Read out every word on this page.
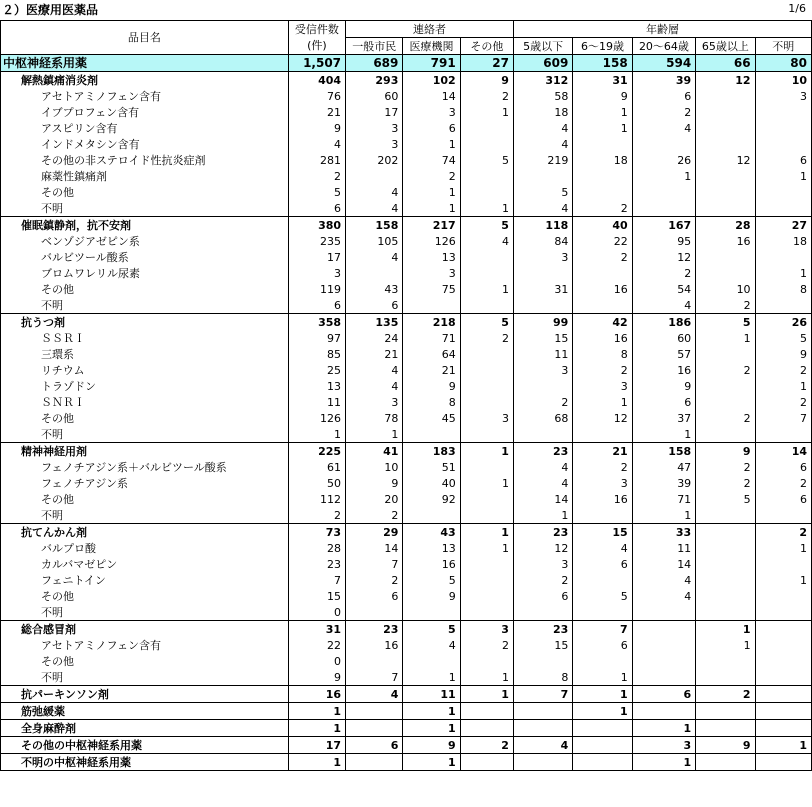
２）医療用医薬品	1/6
品目名	受信件数	連絡者			年齢層				
	(件)	一般市民	医療機関	その他	5歳以下	6～19歳	20～64歳	65歳以上	不明
中枢神経系用薬	1,507	689	791	27	609	158	594	66	80
解熱鎮痛消炎剤	404	293	102	9	312	31	39	12	10
アセトアミノフェン含有	76	60	14	2	58	9	6		3
イブプロフェン含有	21	17	3	1	18	1	2		
アスピリン含有	9	3	6		4	1	4		
インドメタシン含有	4	3	1		4				
その他の非ステロイド性抗炎症剤	281	202	74	5	219	18	26	12	6
麻薬性鎮痛剤	2		2				1		1
その他	5	4	1		5				
不明	6	4	1	1	4	2			
催眠鎮静剤，抗不安剤	380	158	217	5	118	40	167	28	27
ベンゾジアゼピン系	235	105	126	4	84	22	95	16	18
バルビツール酸系	17	4	13		3	2	12		
ブロムワレリル尿素	3		3				2		1
その他	119	43	75	1	31	16	54	10	8
不明	6	6					4	2	
抗うつ剤	358	135	218	5	99	42	186	5	26
ＳＳＲＩ	97	24	71	2	15	16	60	1	5
三環系	85	21	64		11	8	57		9
リチウム	25	4	21		3	2	16	2	2
トラゾドン	13	4	9			3	9		1
ＳＮＲＩ	11	3	8		2	1	6		2
その他	126	78	45	3	68	12	37	2	7
不明	1	1					1		
精神神経用剤	225	41	183	1	23	21	158	9	14
フェノチアジン系＋バルビツール酸系	61	10	51		4	2	47	2	6
フェノチアジン系	50	9	40	1	4	3	39	2	2
その他	112	20	92		14	16	71	5	6
不明	2	2			1		1		
抗てんかん剤	73	29	43	1	23	15	33		2
バルプロ酸	28	14	13	1	12	4	11		1
カルバマゼピン	23	7	16		3	6	14		
フェニトイン	7	2	5		2		4		1
その他	15	6	9		6	5	4		
不明	0								
総合感冒剤	31	23	5	3	23	7		1	
アセトアミノフェン含有	22	16	4	2	15	6		1	
その他	0								
不明	9	7	1	1	8	1			
抗パーキンソン剤	16	4	11	1	7	1	6	2	
筋弛緩薬	1		1			1			
全身麻酔剤	1		1				1		
その他の中枢神経系用薬	17	6	9	2	4		3	9	1
不明の中枢神経系用薬	1		1				1		
